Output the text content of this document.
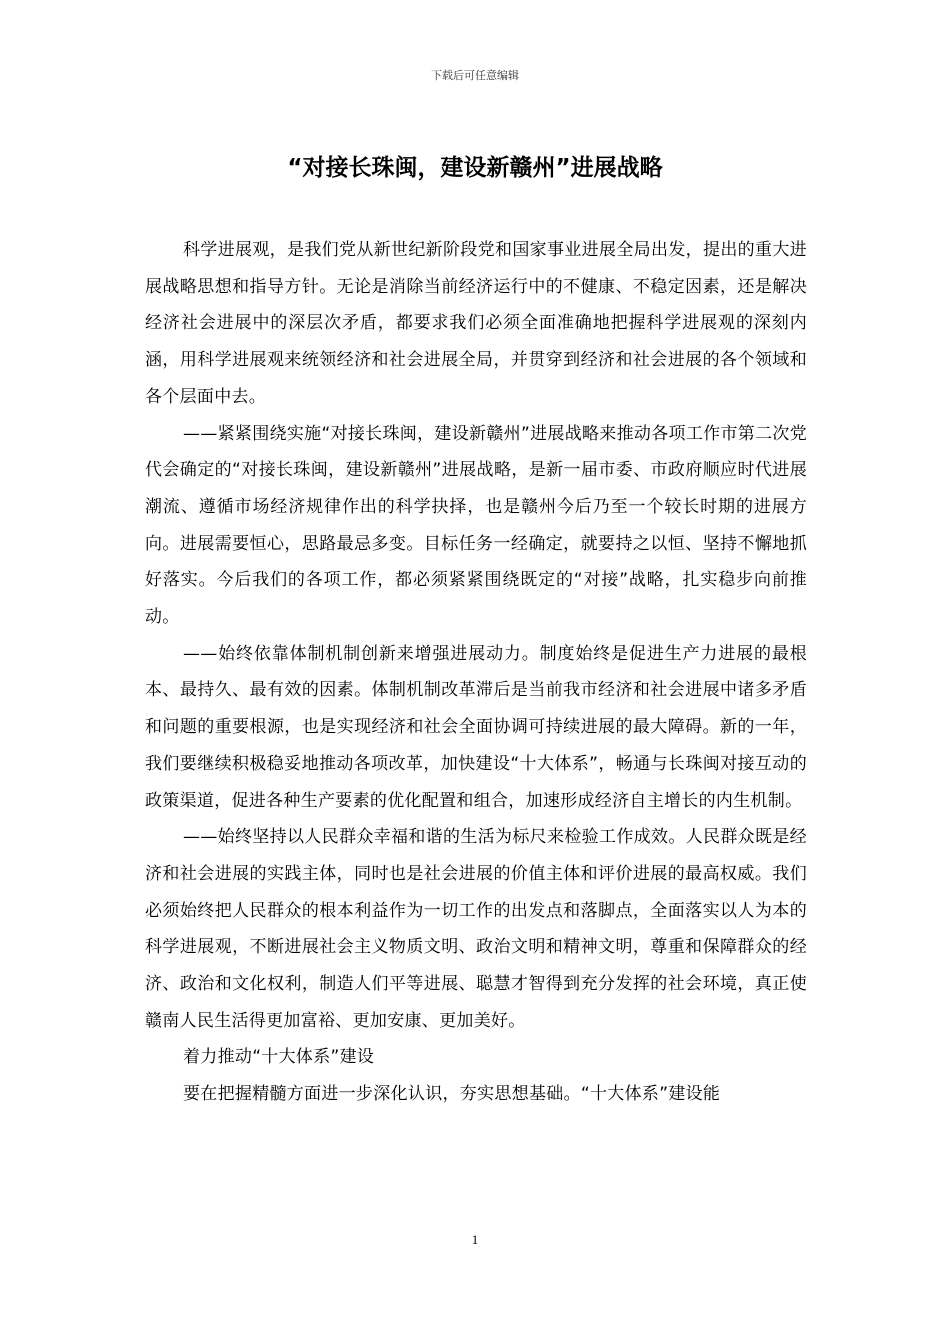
下载后可任意编辑
“对接长珠闽，建设新赣州”进展战略

科学进展观，是我们党从新世纪新阶段党和国家事业进展全局出发，提出的重大进展战略思想和指导方针。无论是消除当前经济运行中的不健康、不稳定因素，还是解决经济社会进展中的深层次矛盾，都要求我们必须全面准确地把握科学进展观的深刻内涵，用科学进展观来统领经济和社会进展全局，并贯穿到经济和社会进展的各个领域和各个层面中去。

——紧紧围绕实施“对接长珠闽，建设新赣州”进展战略来推动各项工作市第二次党代会确定的“对接长珠闽，建设新赣州”进展战略，是新一届市委、市政府顺应时代进展潮流、遵循市场经济规律作出的科学抉择，也是赣州今后乃至一个较长时期的进展方向。进展需要恒心，思路最忌多变。目标任务一经确定，就要持之以恒、坚持不懈地抓好落实。今后我们的各项工作，都必须紧紧围绕既定的“对接”战略，扎实稳步向前推动。

——始终依靠体制机制创新来增强进展动力。制度始终是促进生产力进展的最根本、最持久、最有效的因素。体制机制改革滞后是当前我市经济和社会进展中诸多矛盾和问题的重要根源，也是实现经济和社会全面协调可持续进展的最大障碍。新的一年，我们要继续积极稳妥地推动各项改革，加快建设“十大体系”，畅通与长珠闽对接互动的政策渠道，促进各种生产要素的优化配置和组合，加速形成经济自主增长的内生机制。

——始终坚持以人民群众幸福和谐的生活为标尺来检验工作成效。人民群众既是经济和社会进展的实践主体，同时也是社会进展的价值主体和评价进展的最高权威。我们必须始终把人民群众的根本利益作为一切工作的出发点和落脚点，全面落实以人为本的科学进展观，不断进展社会主义物质文明、政治文明和精神文明，尊重和保障群众的经济、政治和文化权利，制造人们平等进展、聪慧才智得到充分发挥的社会环境，真正使赣南人民生活得更加富裕、更加安康、更加美好。

着力推动“十大体系”建设

要在把握精髓方面进一步深化认识，夯实思想基础。“十大体系”建设能

1
